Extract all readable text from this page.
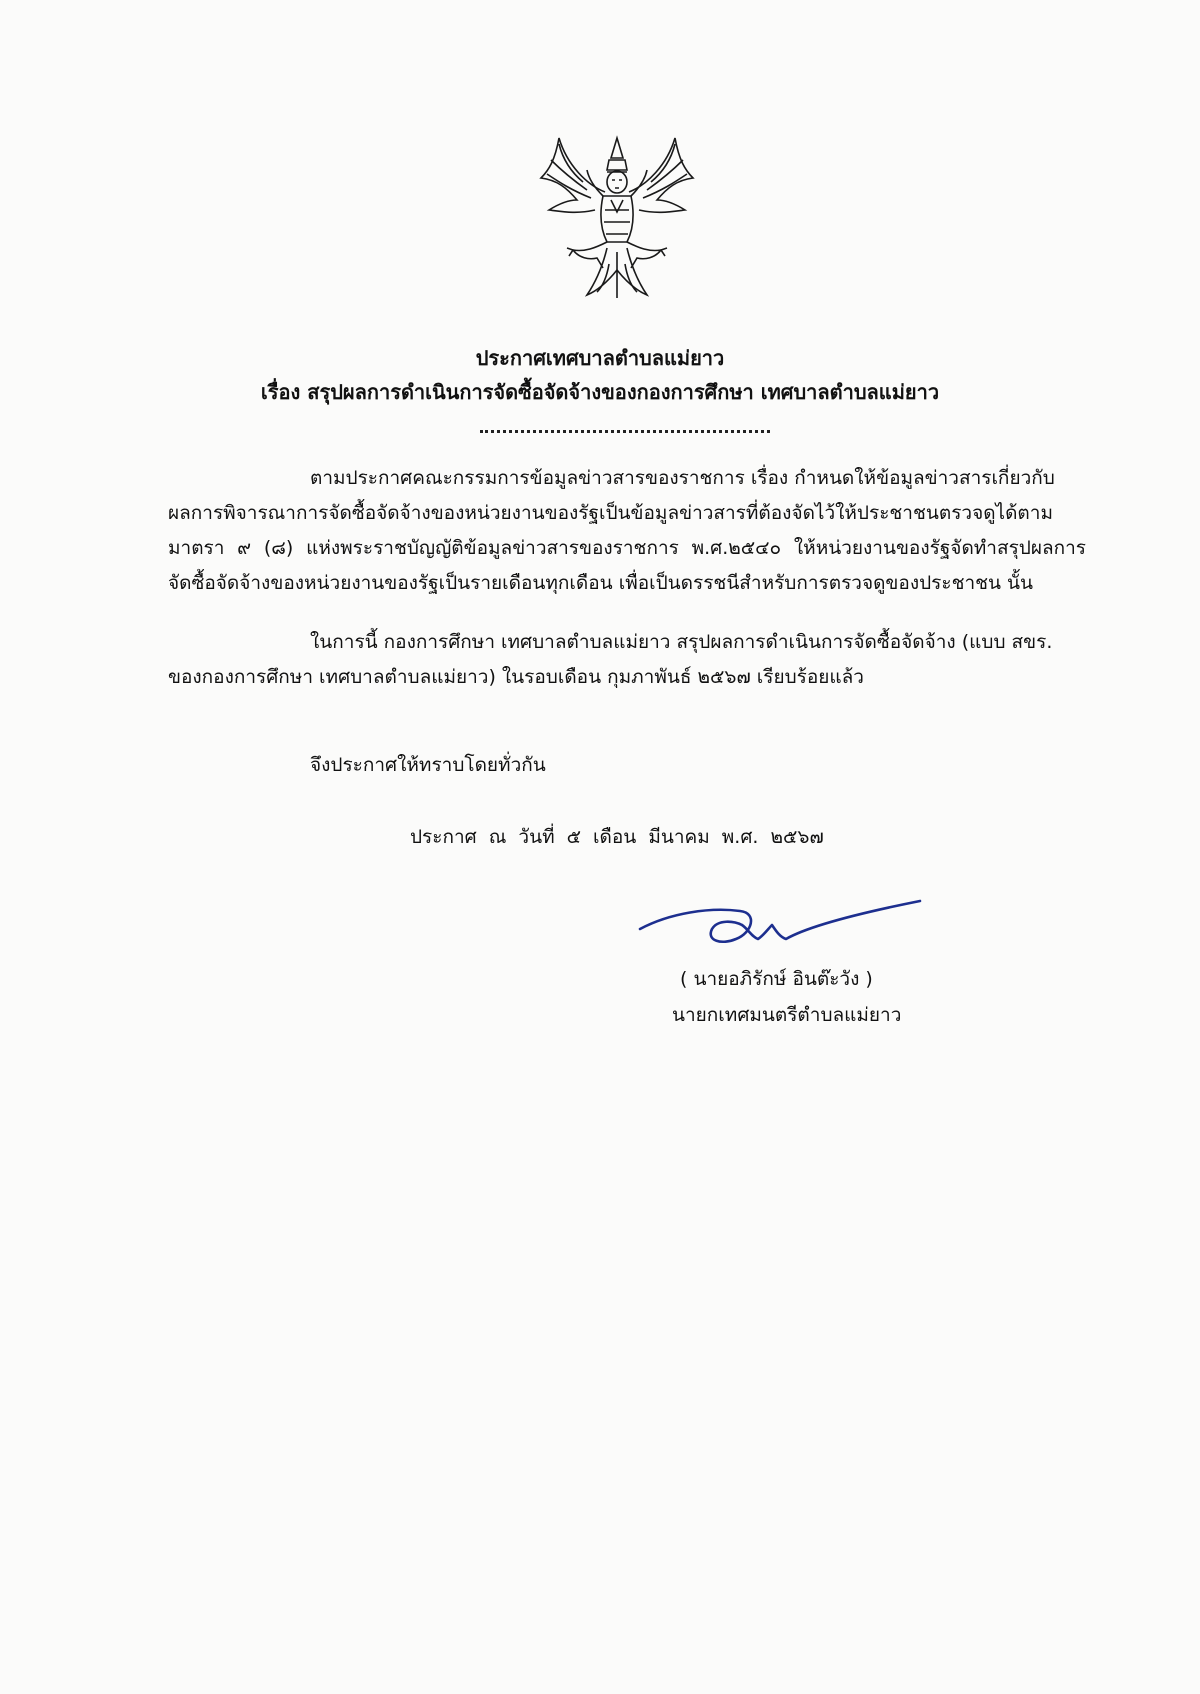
ประกาศเทศบาลตำบลแม่ยาว
เรื่อง สรุปผลการดำเนินการจัดซื้อจัดจ้างของกองการศึกษา เทศบาลตำบลแม่ยาว
ตามประกาศคณะกรรมการข้อมูลข่าวสารของราชการ เรื่อง กำหนดให้ข้อมูลข่าวสารเกี่ยวกับ
ผลการพิจารณาการจัดซื้อจัดจ้างของหน่วยงานของรัฐเป็นข้อมูลข่าวสารที่ต้องจัดไว้ให้ประชาชนตรวจดูได้ตาม
มาตรา ๙ (๘) แห่งพระราชบัญญัติข้อมูลข่าวสารของราชการ พ.ศ.๒๕๔๐ ให้หน่วยงานของรัฐจัดทำสรุปผลการ
จัดซื้อจัดจ้างของหน่วยงานของรัฐเป็นรายเดือนทุกเดือน เพื่อเป็นดรรชนีสำหรับการตรวจดูของประชาชน นั้น
ในการนี้ กองการศึกษา เทศบาลตำบลแม่ยาว สรุปผลการดำเนินการจัดซื้อจัดจ้าง (แบบ สขร.
ของกองการศึกษา เทศบาลตำบลแม่ยาว) ในรอบเดือน กุมภาพันธ์ ๒๕๖๗ เรียบร้อยแล้ว
จึงประกาศให้ทราบโดยทั่วกัน
ประกาศ ณ วันที่ ๕ เดือน มีนาคม พ.ศ. ๒๕๖๗
( นายอภิรักษ์ อินต๊ะวัง )
นายกเทศมนตรีตำบลแม่ยาว
